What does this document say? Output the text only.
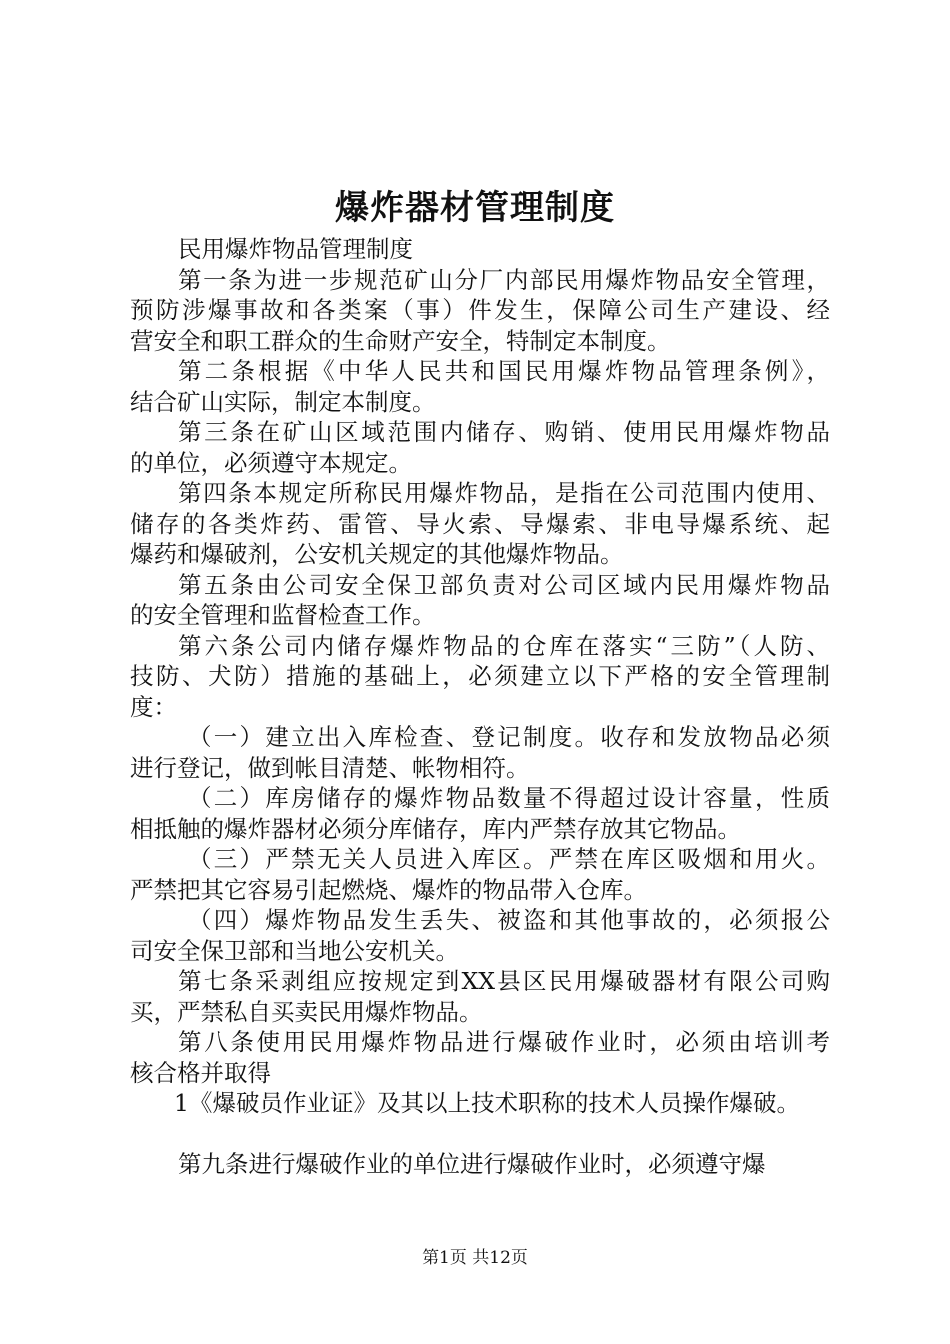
爆炸器材管理制度
民用爆炸物品管理制度
第一条为进一步规范矿山分厂内部民用爆炸物品安全管理，
预防涉爆事故和各类案（事）件发生，保障公司生产建设、经
营安全和职工群众的生命财产安全，特制定本制度。
第二条根据《中华人民共和国民用爆炸物品管理条例》，
结合矿山实际，制定本制度。
第三条在矿山区域范围内储存、购销、使用民用爆炸物品
的单位，必须遵守本规定。
第四条本规定所称民用爆炸物品，是指在公司范围内使用、
储存的各类炸药、雷管、导火索、导爆索、非电导爆系统、起
爆药和爆破剂，公安机关规定的其他爆炸物品。
第五条由公司安全保卫部负责对公司区域内民用爆炸物品
的安全管理和监督检查工作。
第六条公司内储存爆炸物品的仓库在落实“三防”（人防、
技防、犬防）措施的基础上，必须建立以下严格的安全管理制
度：
（一）建立出入库检查、登记制度。收存和发放物品必须
进行登记，做到帐目清楚、帐物相符。
（二）库房储存的爆炸物品数量不得超过设计容量，性质
相抵触的爆炸器材必须分库储存，库内严禁存放其它物品。
（三）严禁无关人员进入库区。严禁在库区吸烟和用火。
严禁把其它容易引起燃烧、爆炸的物品带入仓库。
（四）爆炸物品发生丢失、被盗和其他事故的，必须报公
司安全保卫部和当地公安机关。
第七条采剥组应按规定到XX县区民用爆破器材有限公司购
买，严禁私自买卖民用爆炸物品。
第八条使用民用爆炸物品进行爆破作业时，必须由培训考
核合格并取得
1《爆破员作业证》及其以上技术职称的技术人员操作爆破。
第九条进行爆破作业的单位进行爆破作业时，必须遵守爆
第1页 共12页
